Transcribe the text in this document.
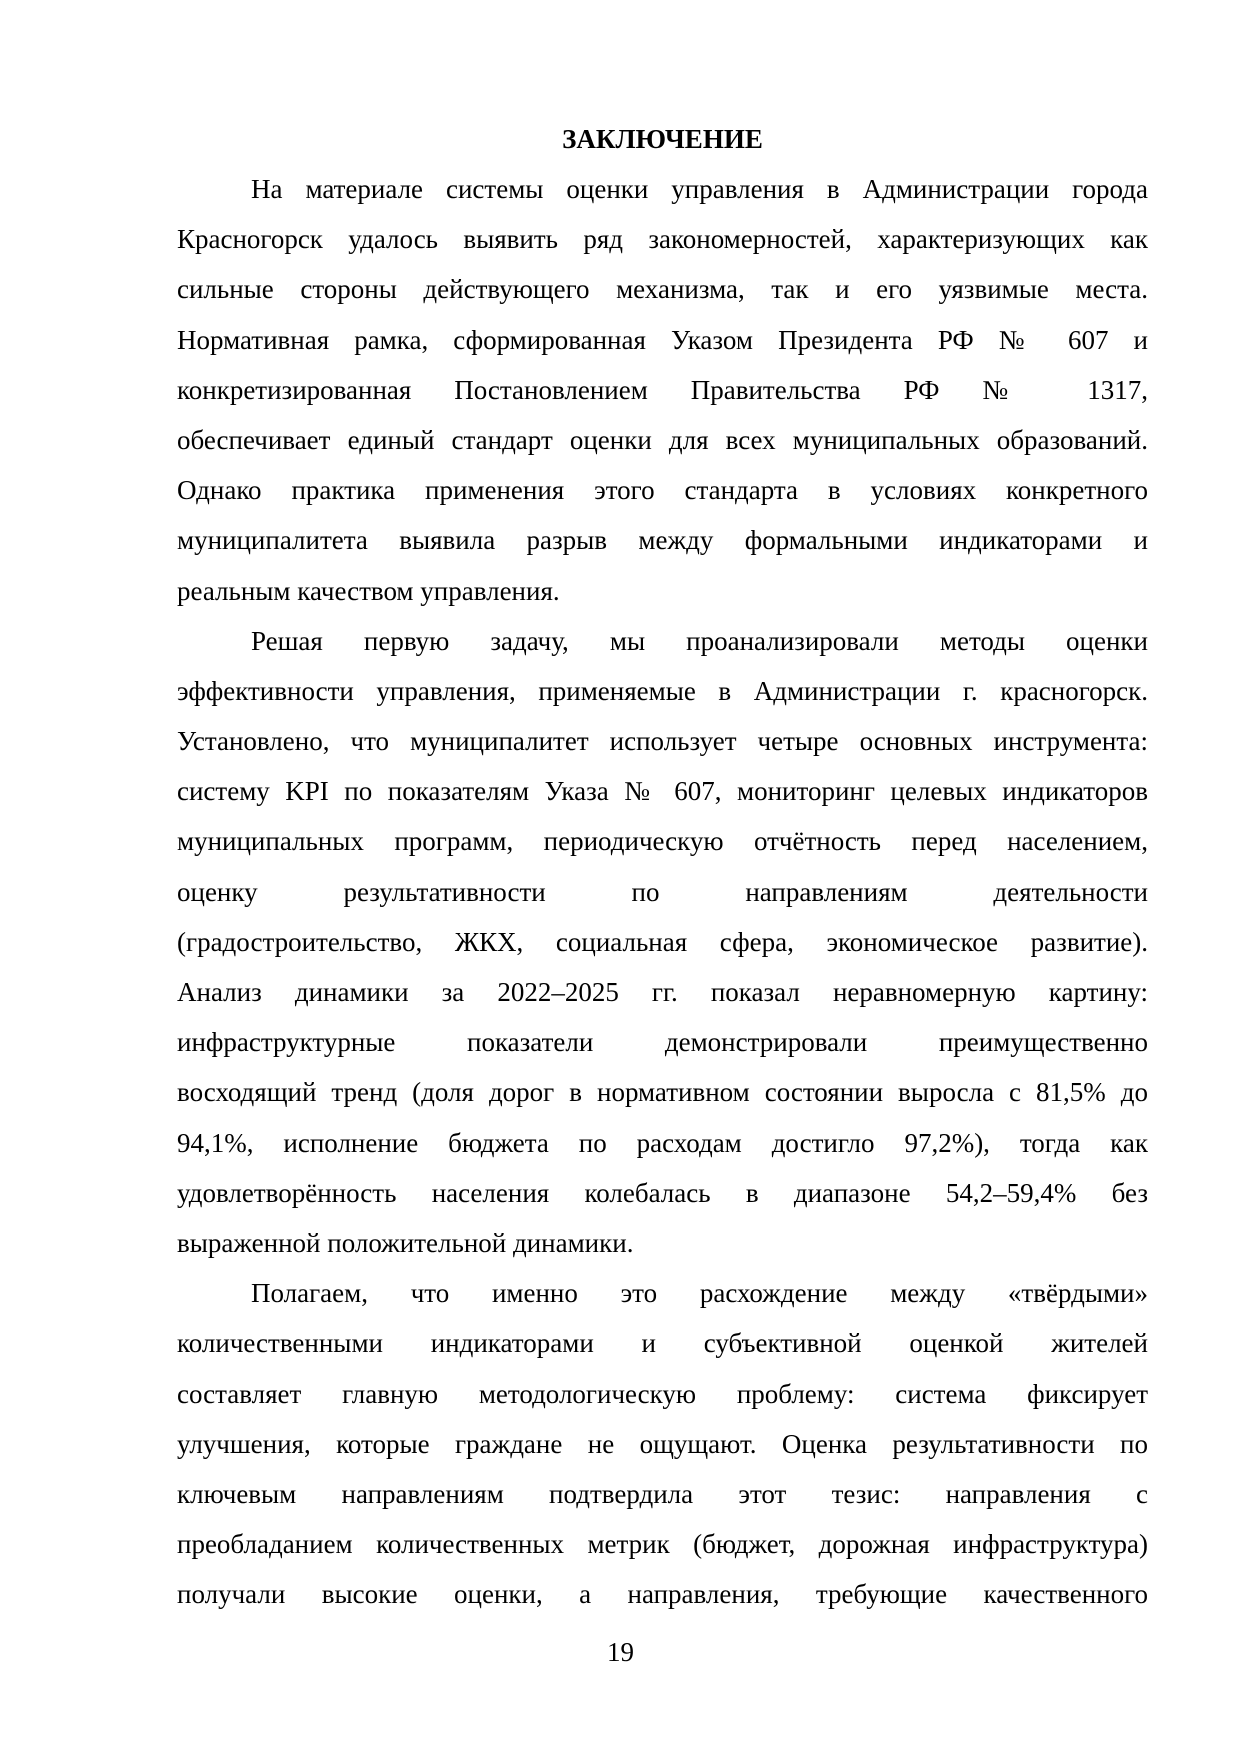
ЗАКЛЮЧЕНИЕ

На материале системы оценки управления в Администрации города
Красногорск удалось выявить ряд закономерностей, характеризующих как
сильные стороны действующего механизма, так и его уязвимые места.
Нормативная рамка, сформированная Указом Президента РФ № 607 и
конкретизированная Постановлением Правительства РФ № 1317,
обеспечивает единый стандарт оценки для всех муниципальных образований.
Однако практика применения этого стандарта в условиях конкретного
муниципалитета выявила разрыв между формальными индикаторами и
реальным качеством управления.

Решая первую задачу, мы проанализировали методы оценки
эффективности управления, применяемые в Администрации г. красногорск.
Установлено, что муниципалитет использует четыре основных инструмента:
систему KPI по показателям Указа № 607, мониторинг целевых индикаторов
муниципальных программ, периодическую отчётность перед населением,
оценку результативности по направлениям деятельности
(градостроительство, ЖКХ, социальная сфера, экономическое развитие).
Анализ динамики за 2022–2025 гг. показал неравномерную картину:
инфраструктурные показатели демонстрировали преимущественно
восходящий тренд (доля дорог в нормативном состоянии выросла с 81,5% до
94,1%, исполнение бюджета по расходам достигло 97,2%), тогда как
удовлетворённость населения колебалась в диапазоне 54,2–59,4% без
выраженной положительной динамики.

Полагаем, что именно это расхождение между «твёрдыми»
количественными индикаторами и субъективной оценкой жителей
составляет главную методологическую проблему: система фиксирует
улучшения, которые граждане не ощущают. Оценка результативности по
ключевым направлениям подтвердила этот тезис: направления с
преобладанием количественных метрик (бюджет, дорожная инфраструктура)
получали высокие оценки, а направления, требующие качественного

19
